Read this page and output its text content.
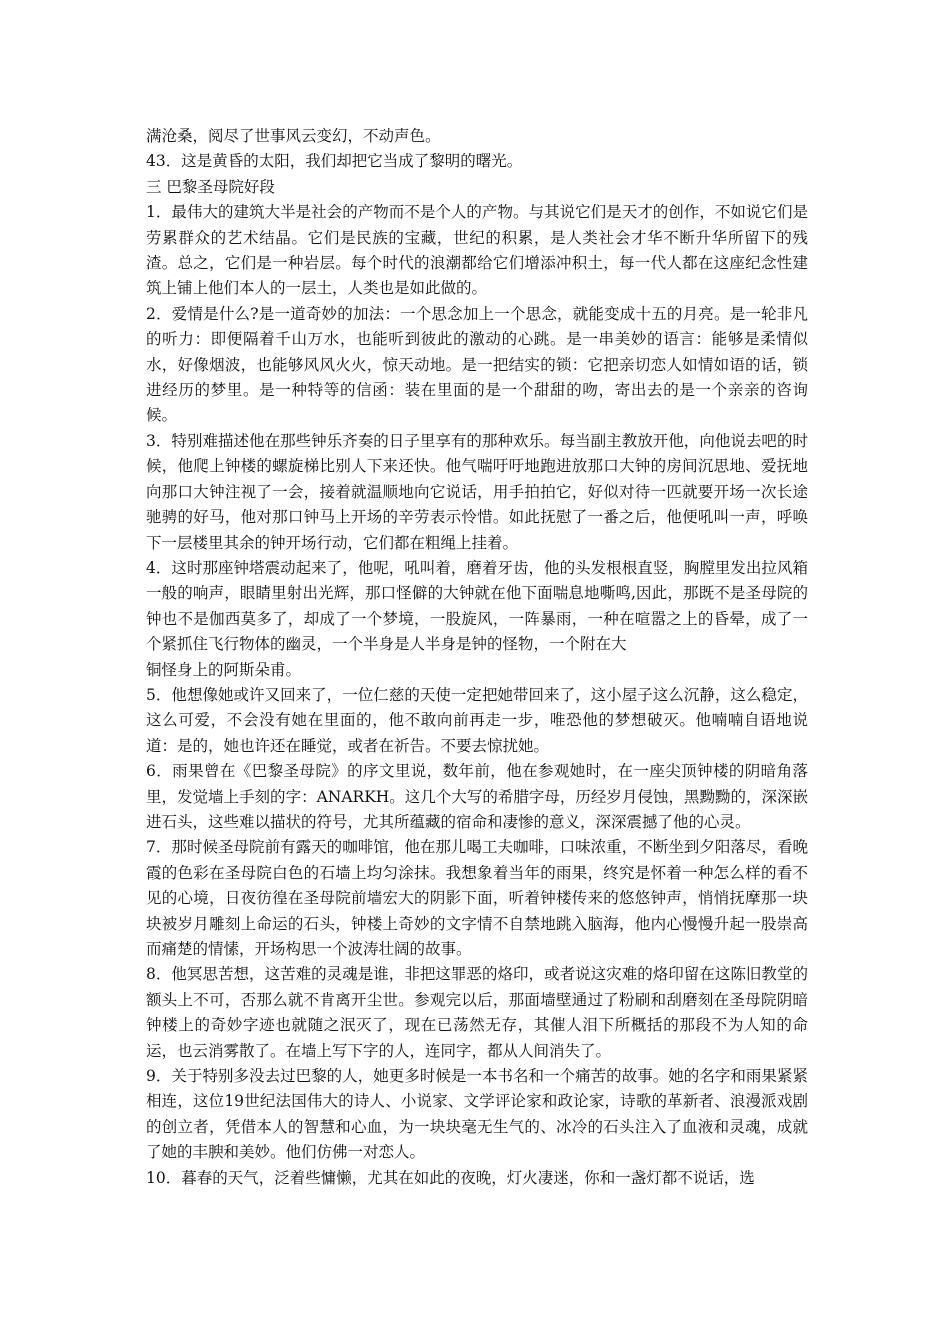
满沧桑，阅尽了世事风云变幻，不动声色。

43．这是黄昏的太阳，我们却把它当成了黎明的曙光。

三 巴黎圣母院好段

1．最伟大的建筑大半是社会的产物而不是个人的产物。与其说它们是天才的创作，不如说它们是劳累群众的艺术结晶。它们是民族的宝藏，世纪的积累，是人类社会才华不断升华所留下的残渣。总之，它们是一种岩层。每个时代的浪潮都给它们增添冲积土，每一代人都在这座纪念性建筑上铺上他们本人的一层土，人类也是如此做的。

2．爱情是什么?是一道奇妙的加法：一个思念加上一个思念，就能变成十五的月亮。是一轮非凡的听力：即便隔着千山万水，也能听到彼此的激动的心跳。是一串美妙的语言：能够是柔情似水，好像烟波，也能够风风火火，惊天动地。是一把结实的锁：它把亲切恋人如情如语的话，锁进经历的梦里。是一种特等的信函：装在里面的是一个甜甜的吻，寄出去的是一个亲亲的咨询候。

3．特别难描述他在那些钟乐齐奏的日子里享有的那种欢乐。每当副主教放开他，向他说去吧的时候，他爬上钟楼的螺旋梯比别人下来还快。他气喘吁吁地跑进放那口大钟的房间沉思地、爱抚地向那口大钟注视了一会，接着就温顺地向它说话，用手拍拍它，好似对待一匹就要开场一次长途驰骋的好马，他对那口钟马上开场的辛劳表示怜惜。如此抚慰了一番之后，他便吼叫一声，呼唤下一层楼里其余的钟开场行动，它们都在粗绳上挂着。

4．这时那座钟塔震动起来了，他呢，吼叫着，磨着牙齿，他的头发根根直竖，胸膛里发出拉风箱一般的响声，眼睛里射出光辉，那口怪僻的大钟就在他下面喘息地嘶鸣,因此，那既不是圣母院的钟也不是伽西莫多了，却成了一个梦境，一股旋风，一阵暴雨，一种在喧嚣之上的昏晕，成了一个紧抓住飞行物体的幽灵，一个半身是人半身是钟的怪物，一个附在大

铜怪身上的阿斯朵甫。

5．他想像她或许又回来了，一位仁慈的天使一定把她带回来了，这小屋子这么沉静，这么稳定，这么可爱，不会没有她在里面的，他不敢向前再走一步，唯恐他的梦想破灭。他喃喃自语地说道：是的，她也许还在睡觉，或者在祈告。不要去惊扰她。

6．雨果曾在《巴黎圣母院》的序文里说，数年前，他在参观她时，在一座尖顶钟楼的阴暗角落里，发觉墙上手刻的字：ANARKH。这几个大写的希腊字母，历经岁月侵蚀，黑黝黝的，深深嵌进石头，这些难以描状的符号，尤其所蕴藏的宿命和凄惨的意义，深深震撼了他的心灵。

7．那时候圣母院前有露天的咖啡馆，他在那儿喝工夫咖啡，口味浓重，不断坐到夕阳落尽，看晚霞的色彩在圣母院白色的石墙上均匀涂抹。我想象着当年的雨果，终究是怀着一种怎么样的看不见的心境，日夜彷徨在圣母院前墙宏大的阴影下面，听着钟楼传来的悠悠钟声，悄悄抚摩那一块块被岁月雕刻上命运的石头，钟楼上奇妙的文字情不自禁地跳入脑海，他内心慢慢升起一股崇高而痛楚的情愫，开场构思一个波涛壮阔的故事。

8．他冥思苦想，这苦难的灵魂是谁，非把这罪恶的烙印，或者说这灾难的烙印留在这陈旧教堂的额头上不可，否那么就不肯离开尘世。参观完以后，那面墙壁通过了粉刷和刮磨刻在圣母院阴暗钟楼上的奇妙字迹也就随之泯灭了，现在已荡然无存，其催人泪下所概括的那段不为人知的命运，也云消雾散了。在墙上写下字的人，连同字，都从人间消失了。

9．关于特别多没去过巴黎的人，她更多时候是一本书名和一个痛苦的故事。她的名字和雨果紧紧相连，这位19世纪法国伟大的诗人、小说家、文学评论家和政论家，诗歌的革新者、浪漫派戏剧的创立者，凭借本人的智慧和心血，为一块块毫无生气的、冰冷的石头注入了血液和灵魂，成就了她的丰腴和美妙。他们仿佛一对恋人。

10．暮春的天气，泛着些慵懒，尤其在如此的夜晚，灯火凄迷，你和一盏灯都不说话，选
